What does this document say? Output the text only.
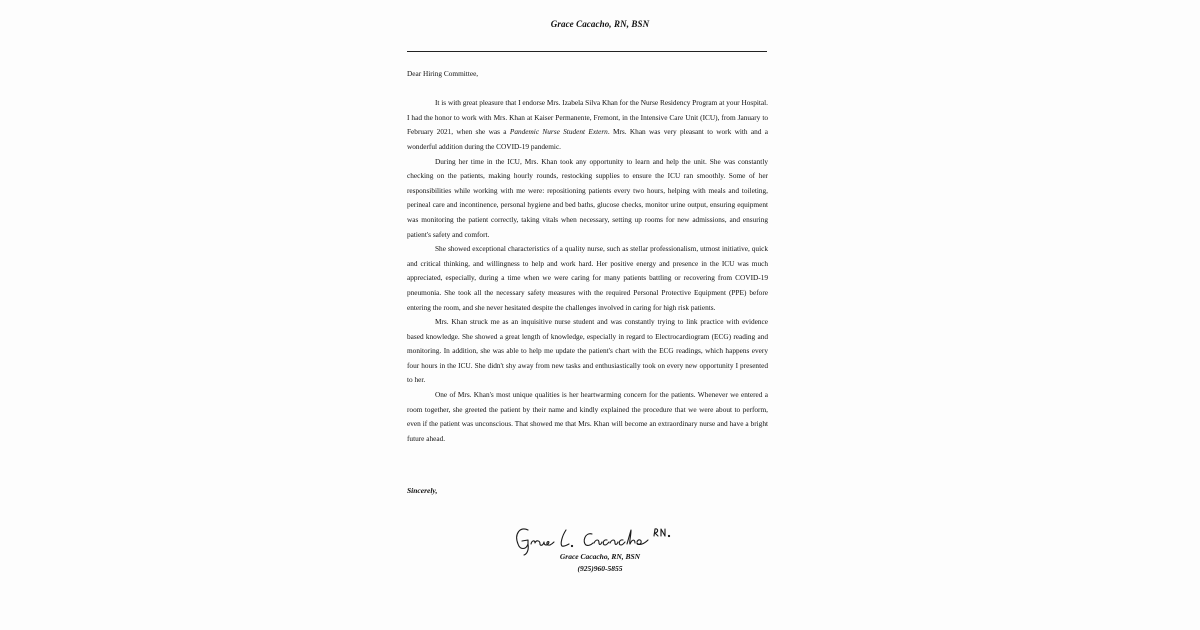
Grace Cacacho, RN, BSN

Dear Hiring Committee,

It is with great pleasure that I endorse Mrs. Izabela Silva Khan for the Nurse Residency Program at your Hospital. I had the honor to work with Mrs. Khan at Kaiser Permanente, Fremont, in the Intensive Care Unit (ICU), from January to February 2021, when she was a Pandemic Nurse Student Extern. Mrs. Khan was very pleasant to work with and a wonderful addition during the COVID-19 pandemic.

During her time in the ICU, Mrs. Khan took any opportunity to learn and help the unit. She was constantly checking on the patients, making hourly rounds, restocking supplies to ensure the ICU ran smoothly. Some of her responsibilities while working with me were: repositioning patients every two hours, helping with meals and toileting, perineal care and incontinence, personal hygiene and bed baths, glucose checks, monitor urine output, ensuring equipment was monitoring the patient correctly, taking vitals when necessary, setting up rooms for new admissions, and ensuring patient's safety and comfort.

She showed exceptional characteristics of a quality nurse, such as stellar professionalism, utmost initiative, quick and critical thinking, and willingness to help and work hard. Her positive energy and presence in the ICU was much appreciated, especially, during a time when we were caring for many patients battling or recovering from COVID-19 pneumonia. She took all the necessary safety measures with the required Personal Protective Equipment (PPE) before entering the room, and she never hesitated despite the challenges involved in caring for high risk patients.

Mrs. Khan struck me as an inquisitive nurse student and was constantly trying to link practice with evidence based knowledge. She showed a great length of knowledge, especially in regard to Electrocardiogram (ECG) reading and monitoring. In addition, she was able to help me update the patient's chart with the ECG readings, which happens every four hours in the ICU. She didn't shy away from new tasks and enthusiastically took on every new opportunity I presented to her.

One of Mrs. Khan's most unique qualities is her heartwarming concern for the patients. Whenever we entered a room together, she greeted the patient by their name and kindly explained the procedure that we were about to perform, even if the patient was unconscious. That showed me that Mrs. Khan will become an extraordinary nurse and have a bright future ahead.

Sincerely,
Grace Cacacho, RN, BSN
(925)960-5855
